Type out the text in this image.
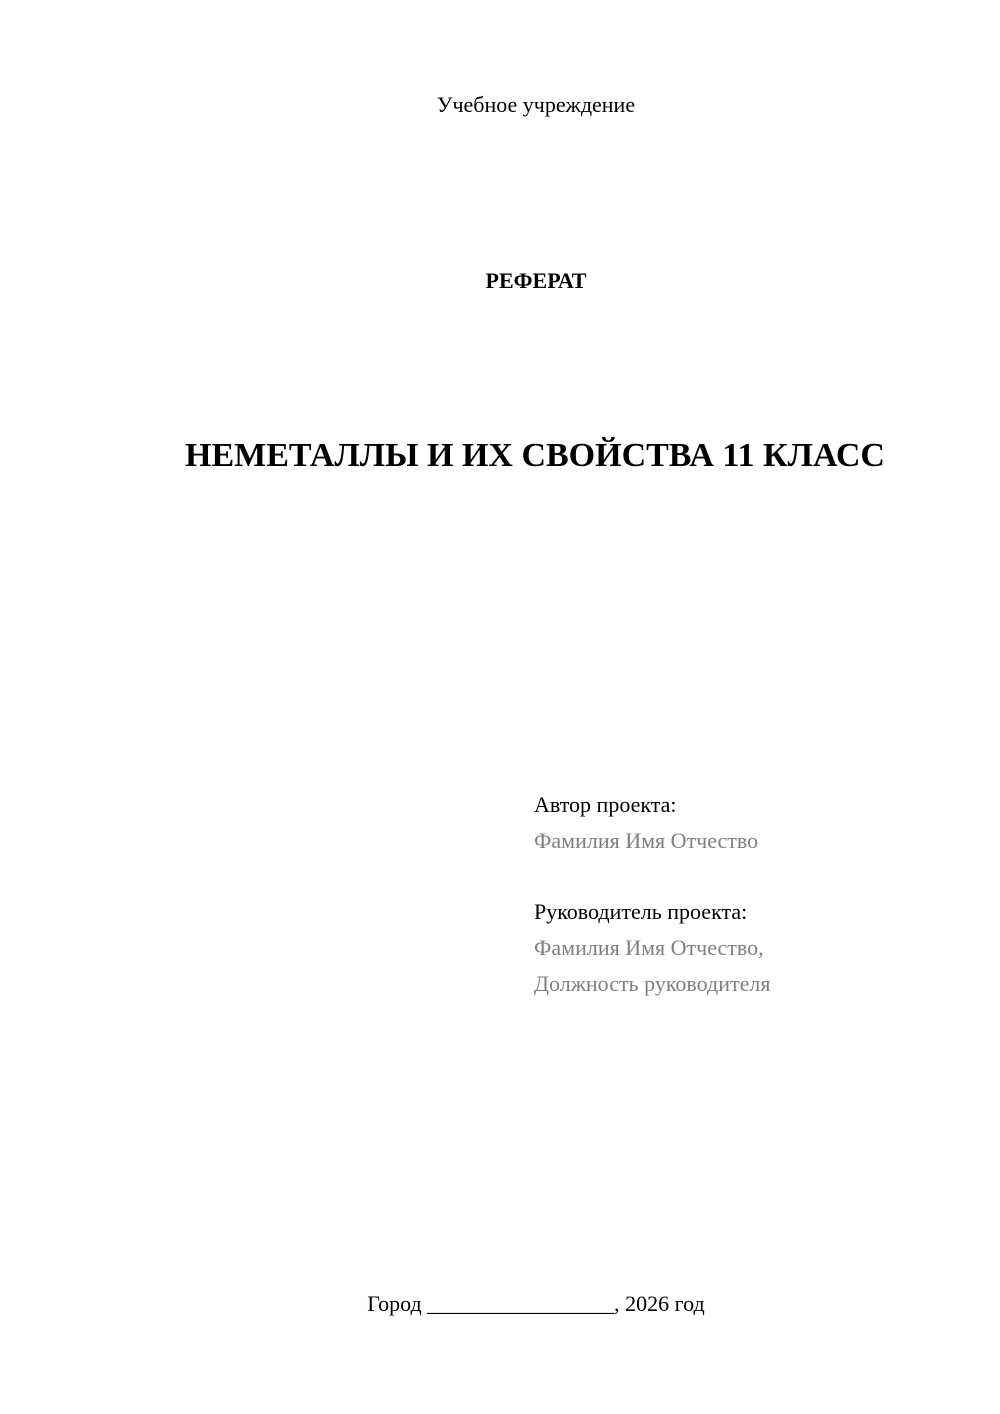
Учебное учреждение
РЕФЕРАТ
НЕМЕТАЛЛЫ И ИХ СВОЙСТВА 11 КЛАСС
Автор проекта:
Фамилия Имя Отчество
Руководитель проекта:
Фамилия Имя Отчество,
Должность руководителя
Город _________________, 2026 год
